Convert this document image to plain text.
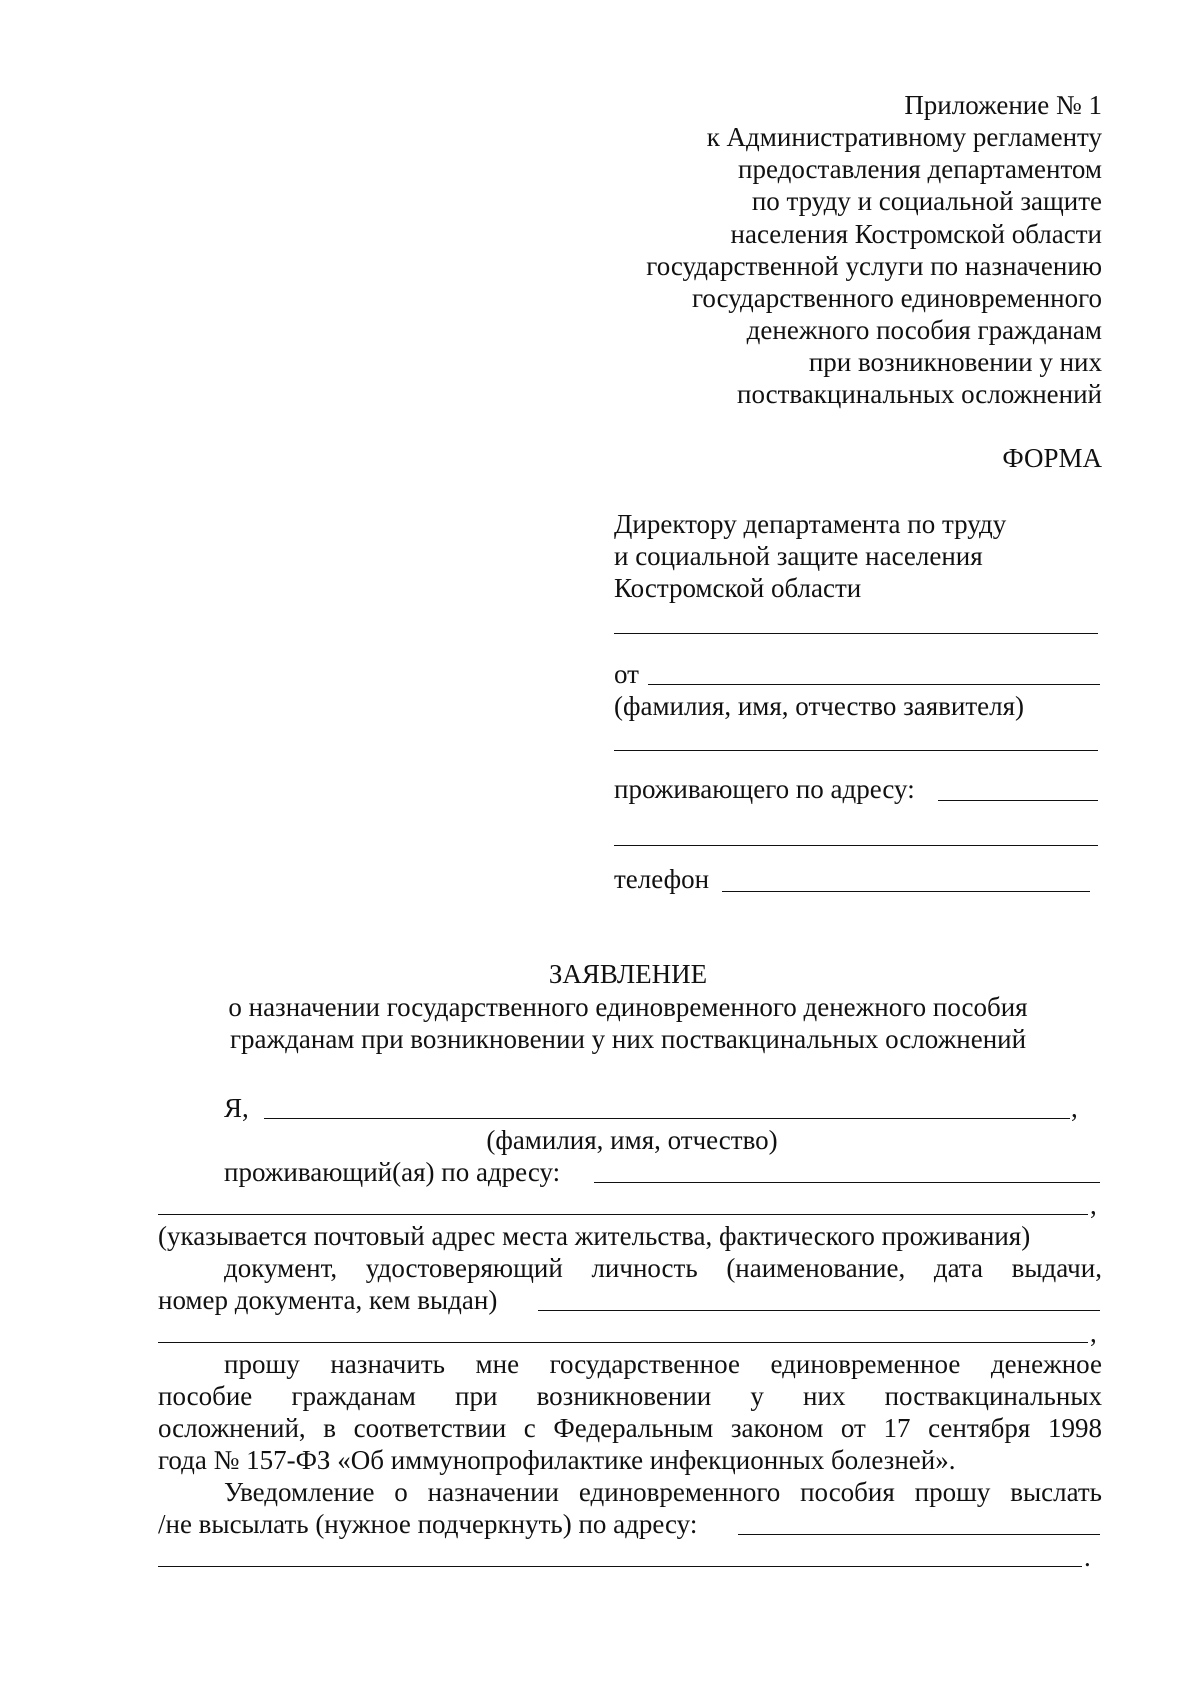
Приложение № 1
к Административному регламенту
предоставления департаментом
по труду и социальной защите
населения Костромской области
государственной услуги по назначению
государственного единовременного
денежного пособия гражданам
при возникновении у них
поствакцинальных осложнений
ФОРМА
Директору департамента по труду
и социальной защите населения
Костромской области
от
(фамилия, имя, отчество заявителя)
проживающего по адресу:
телефон
ЗАЯВЛЕНИЕ
о назначении государственного единовременного денежного пособия
гражданам при возникновении у них поствакцинальных осложнений
Я,	,
(фамилия, имя, отчество)
проживающий(ая) по адресу:
,
(указывается почтовый адрес места жительства, фактического проживания)
документ, удостоверяющий личность (наименование, дата выдачи,
номер документа, кем выдан)
,
прошу назначить мне государственное единовременное денежное
пособие гражданам при возникновении у них поствакцинальных
осложнений, в соответствии с Федеральным законом от 17 сентября 1998
года № 157-ФЗ «Об иммунопрофилактике инфекционных болезней».
Уведомление о назначении единовременного пособия прошу выслать
/не высылать (нужное подчеркнуть) по адресу:
.
